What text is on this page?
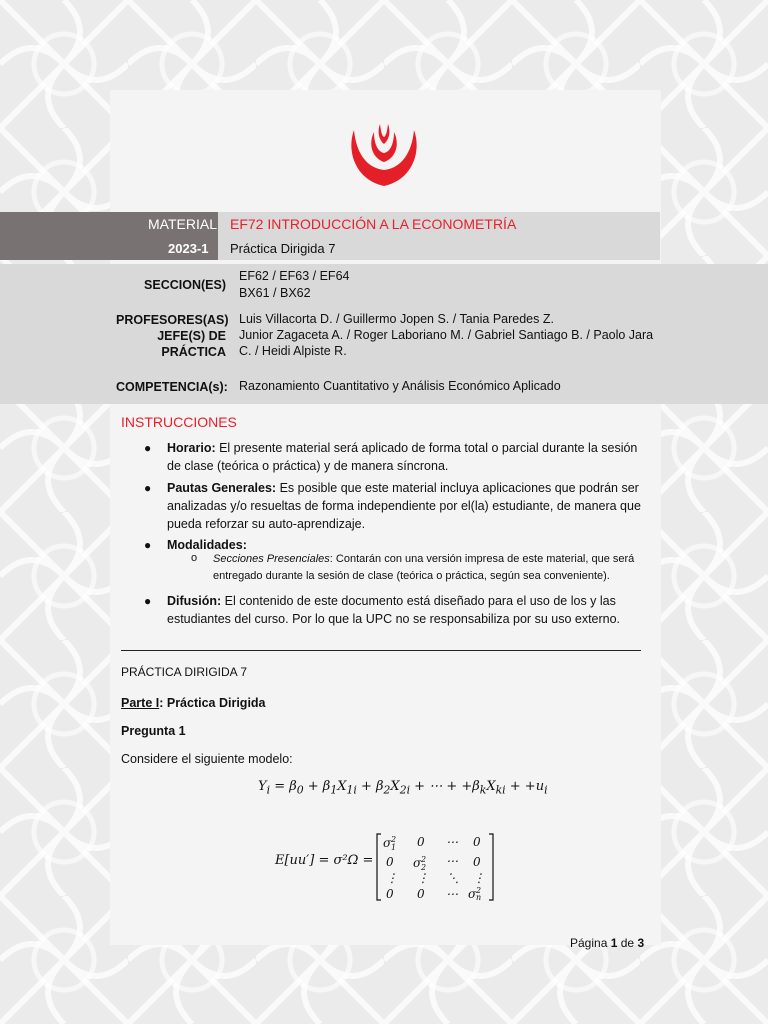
MATERIAL
2023-1
EF72 INTRODUCCIÓN A LA ECONOMETRÍA
Práctica Dirigida 7
SECCION(ES)
EF62 / EF63 / EF64
BX61 / BX62
PROFESORES(AS) Luis Villacorta D. / Guillermo Jopen S. / Tania Paredes Z.
JEFE(S) DE
PRÁCTICA
Junior Zagaceta A. / Roger Laboriano M. / Gabriel Santiago B. / Paolo Jara
C. / Heidi Alpiste R.
COMPETENCIA(s): Razonamiento Cuantitativo y Análisis Económico Aplicado
INSTRUCCIONES
● Horario: El presente material será aplicado de forma total o parcial durante la sesión de clase (teórica o práctica) y de manera síncrona.
● Pautas Generales: Es posible que este material incluya aplicaciones que podrán ser analizadas y/o resueltas de forma independiente por el(la) estudiante, de manera que pueda reforzar su auto-aprendizaje.
● Modalidades:
o Secciones Presenciales: Contarán con una versión impresa de este material, que será entregado durante la sesión de clase (teórica o práctica, según sea conveniente).
● Difusión: El contenido de este documento está diseñado para el uso de los y las estudiantes del curso. Por lo que la UPC no se responsabiliza por su uso externo.
PRÁCTICA DIRIGIDA 7
Parte I: Práctica Dirigida
Pregunta 1
Considere el siguiente modelo:
$Y_i = \beta_0 + \beta_1X_{1i} + \beta_2X_{2i}$ + ⋯ + $+\beta_kX_{ki} + +u_i$
E[uu′] = σ²Ω =
σ 2
1 0 ⋯ 0
0 σ 2
2 ⋯ 0
⋮ ⋮ ⋱ ⋮
0 0 ⋯ σ 2
n
Página 1 de 3
